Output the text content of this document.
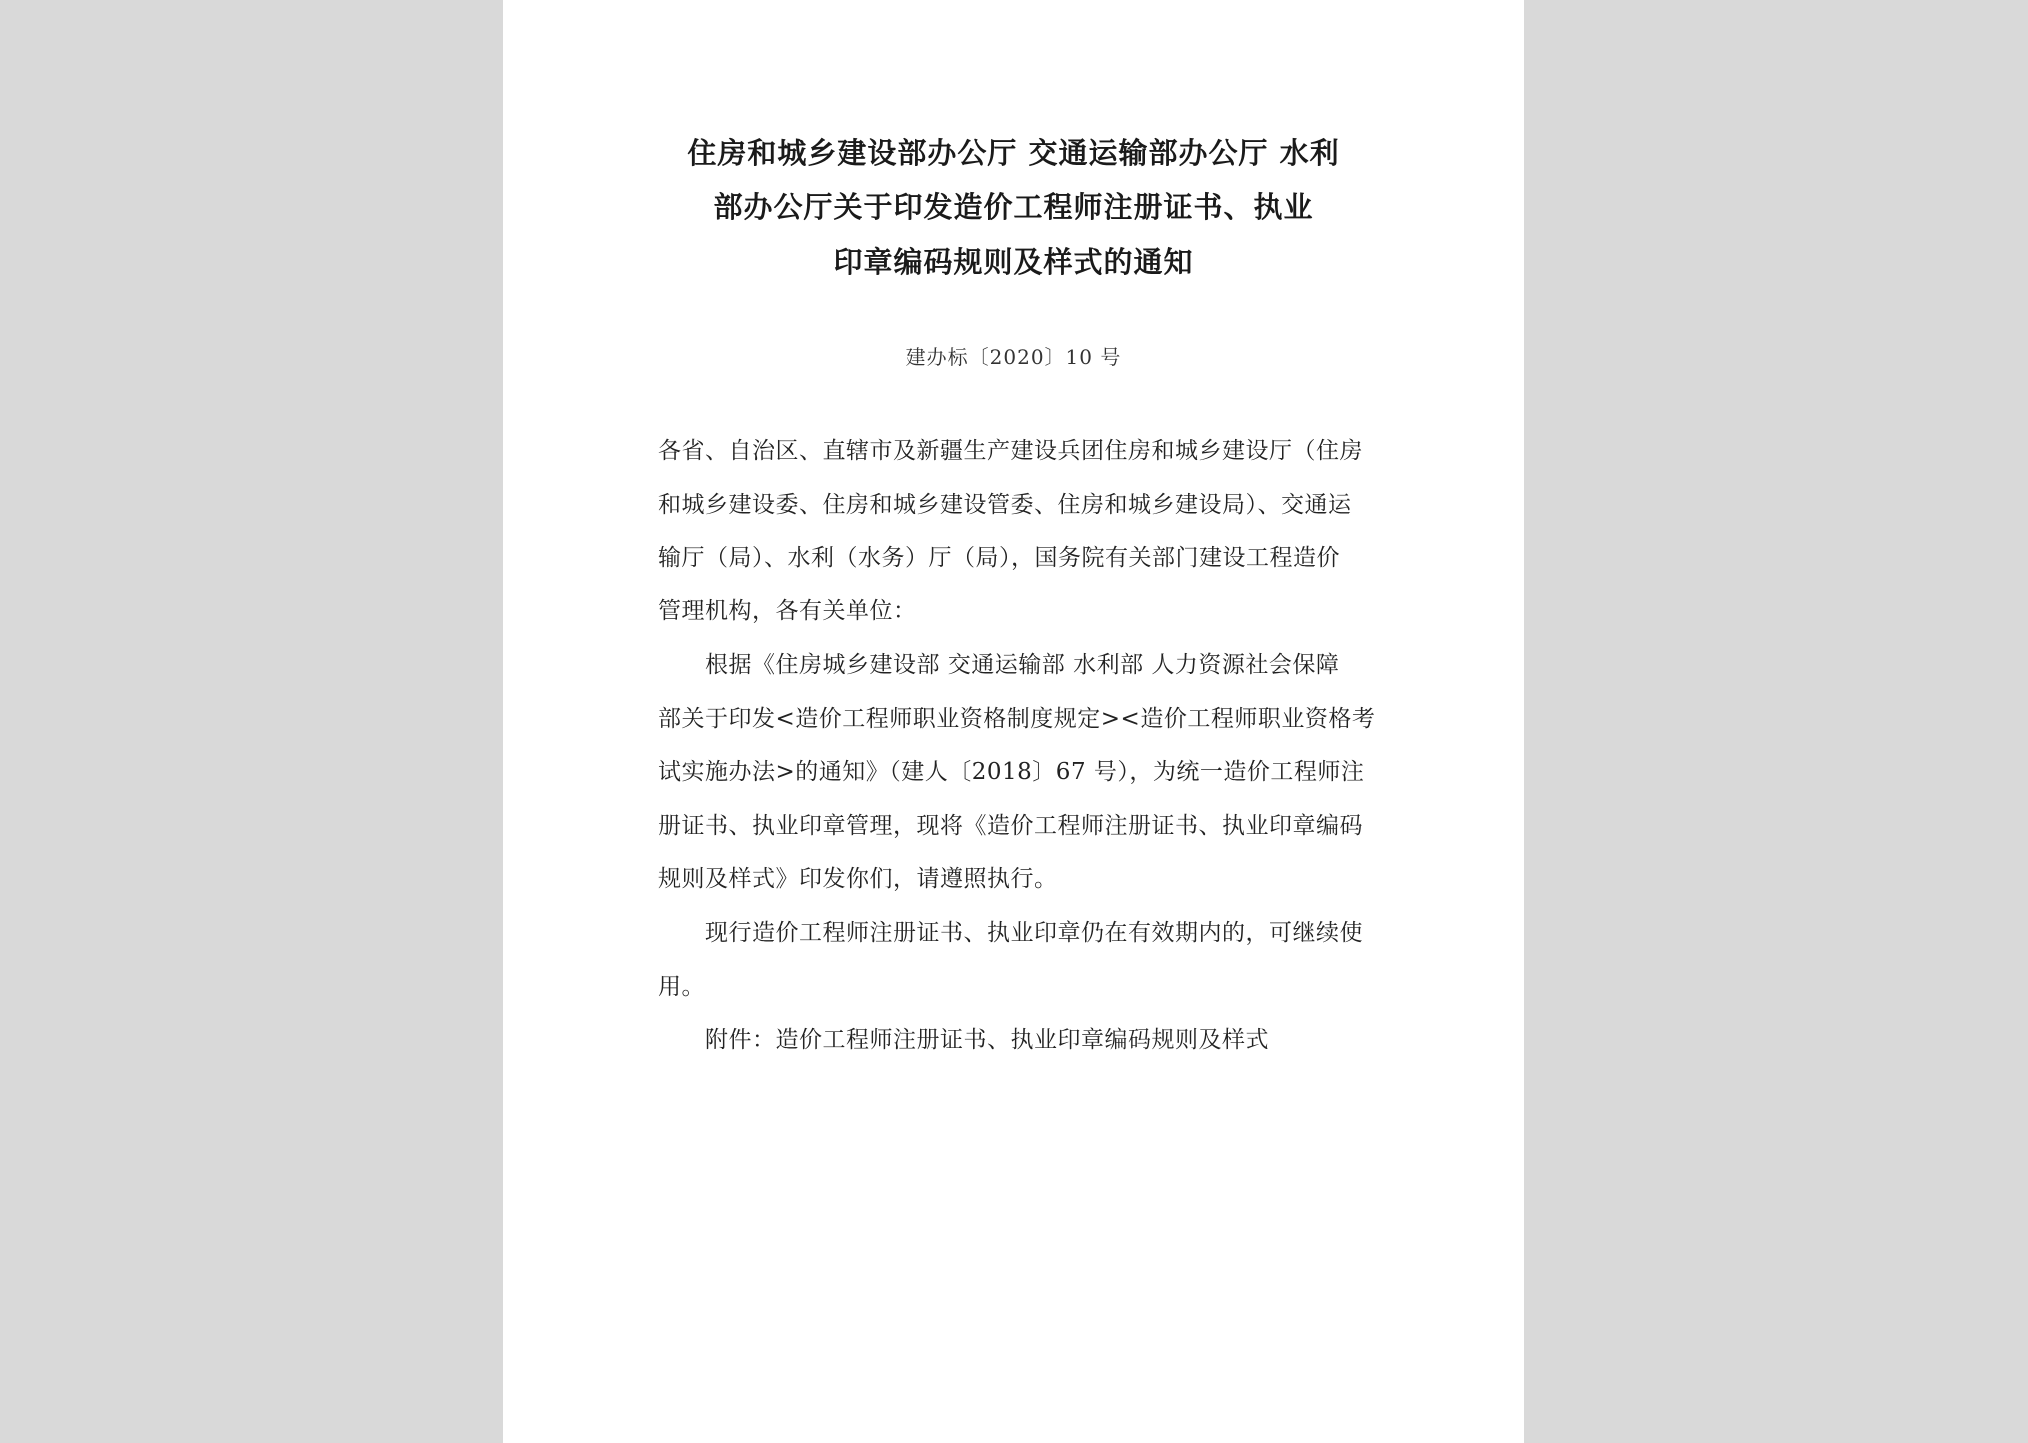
住房和城乡建设部办公厅 交通运输部办公厅 水利
部办公厅关于印发造价工程师注册证书、执业
印章编码规则及样式的通知
建办标〔2020〕10 号
各省、自治区、直辖市及新疆生产建设兵团住房和城乡建设厅（住房
和城乡建设委、住房和城乡建设管委、住房和城乡建设局）、交通运
输厅（局）、水利（水务）厅（局），国务院有关部门建设工程造价
管理机构，各有关单位：
根据《住房城乡建设部 交通运输部 水利部 人力资源社会保障
部关于印发<造价工程师职业资格制度规定><造价工程师职业资格考
试实施办法>的通知》（建人〔2018〕67 号），为统一造价工程师注
册证书、执业印章管理，现将《造价工程师注册证书、执业印章编码
规则及样式》印发你们，请遵照执行。
现行造价工程师注册证书、执业印章仍在有效期内的，可继续使
用。
附件：造价工程师注册证书、执业印章编码规则及样式
